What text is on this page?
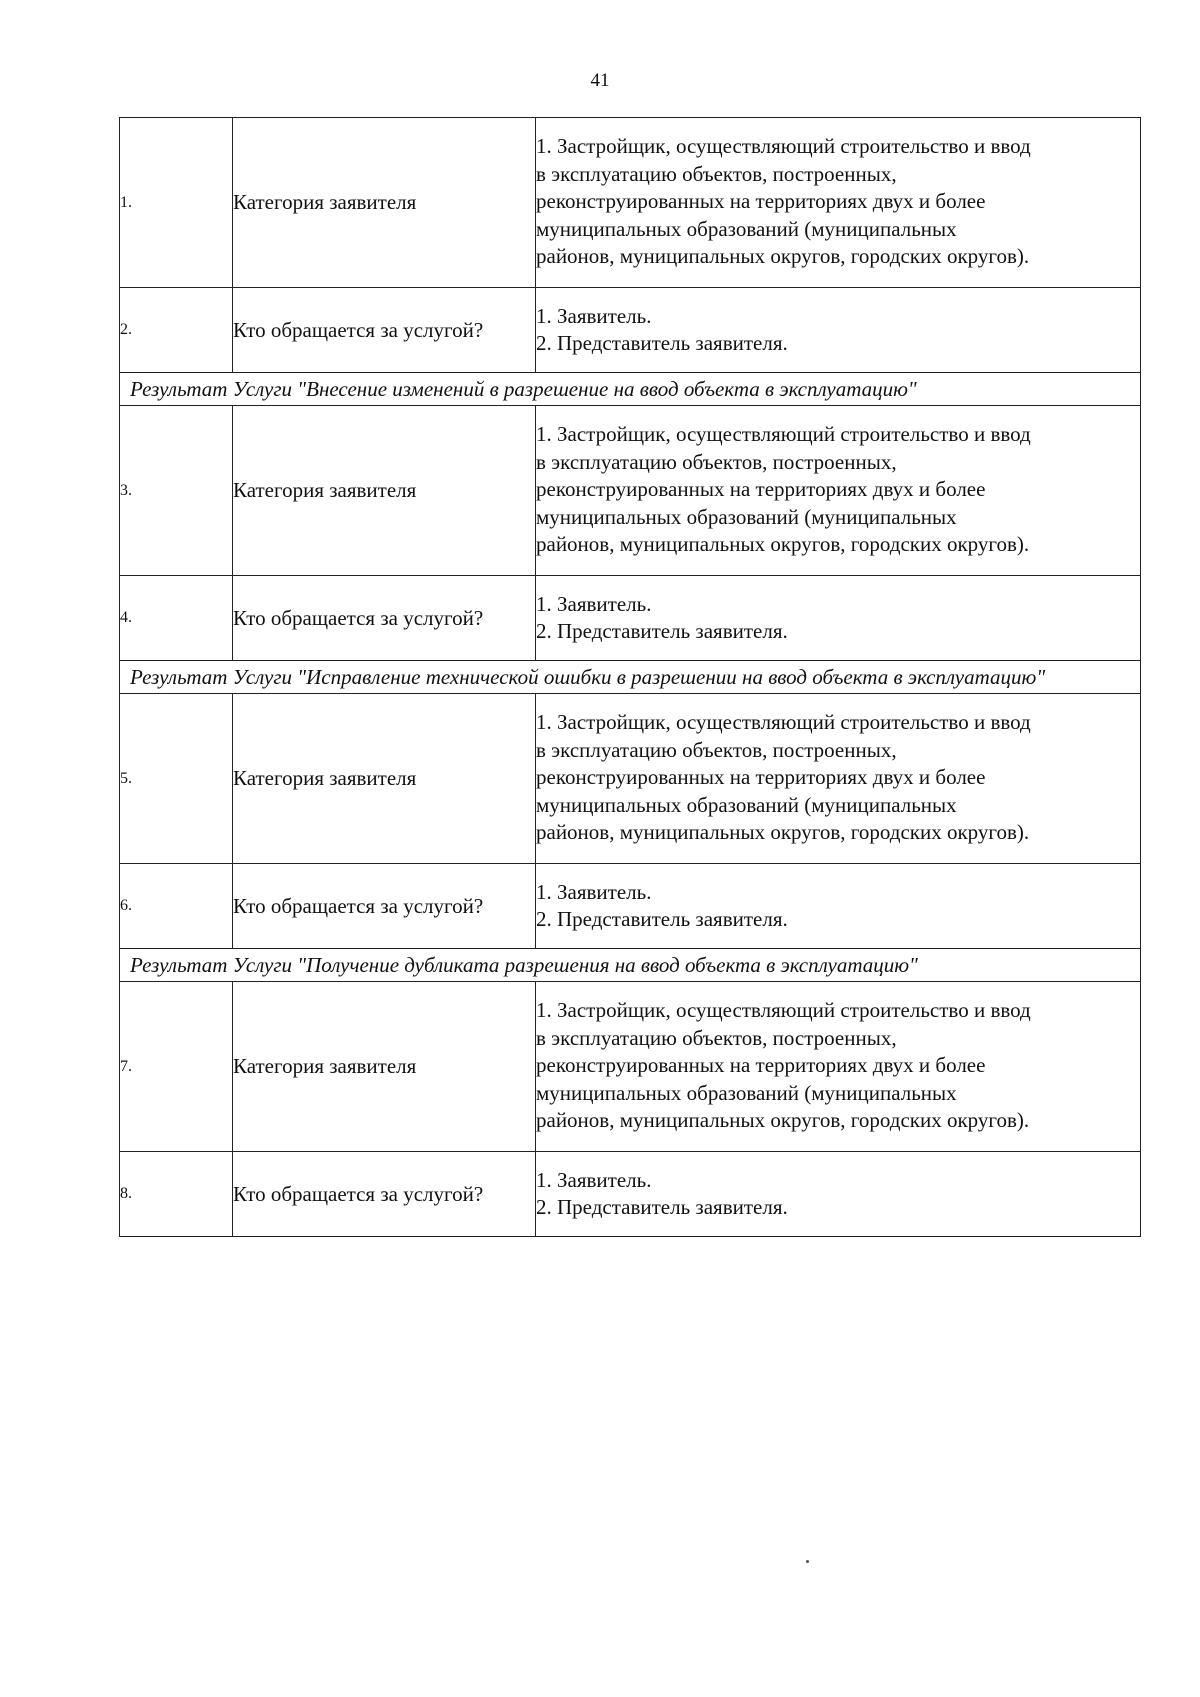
41
1.	Категория заявителя	1. Застройщик, осуществляющий строительство и ввод
в эксплуатацию объектов, построенных,
реконструированных на территориях двух и более
муниципальных образований (муниципальных
районов, муниципальных округов, городских округов).

2.	Кто обращается за услугой?	1. Заявитель.
2. Представитель заявителя.

Результат Услуги "Внесение изменений в разрешение на ввод объекта в эксплуатацию"		
3.	Категория заявителя	1. Застройщик, осуществляющий строительство и ввод
в эксплуатацию объектов, построенных,
реконструированных на территориях двух и более
муниципальных образований (муниципальных
районов, муниципальных округов, городских округов).

4.	Кто обращается за услугой?	1. Заявитель.
2. Представитель заявителя.

Результат Услуги "Исправление технической ошибки в разрешении на ввод объекта в эксплуатацию"		
5.	Категория заявителя	1. Застройщик, осуществляющий строительство и ввод
в эксплуатацию объектов, построенных,
реконструированных на территориях двух и более
муниципальных образований (муниципальных
районов, муниципальных округов, городских округов).

6.	Кто обращается за услугой?	1. Заявитель.
2. Представитель заявителя.

Результат Услуги "Получение дубликата разрешения на ввод объекта в эксплуатацию"		
7.	Категория заявителя	1. Застройщик, осуществляющий строительство и ввод
в эксплуатацию объектов, построенных,
реконструированных на территориях двух и более
муниципальных образований (муниципальных
районов, муниципальных округов, городских округов).

8.	Кто обращается за услугой?	1. Заявитель.
2. Представитель заявителя.
